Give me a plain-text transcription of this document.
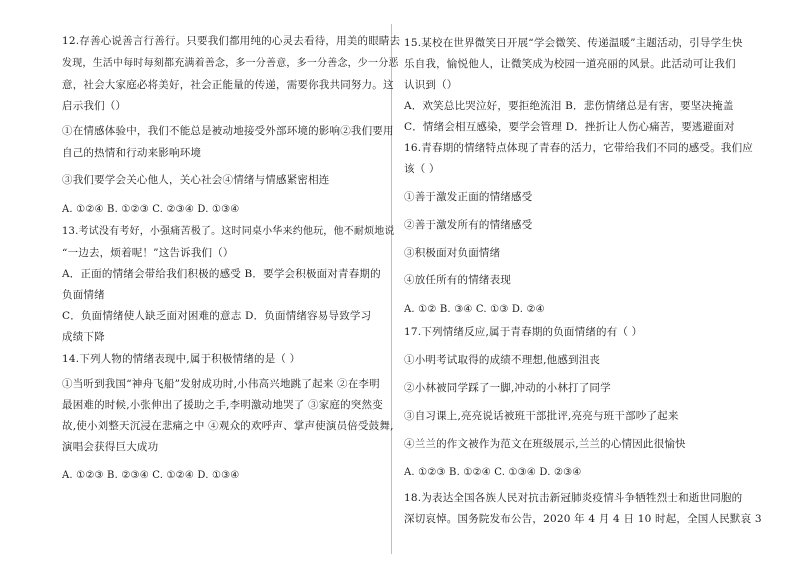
12.存善心说善言行善行。只要我们都用纯的心灵去看待，用美的眼睛去
发现，生活中每时每刻都充满着善念，多一分善意，多一分善念，少一分恶
意，社会大家庭必将美好，社会正能量的传递，需要你我共同努力。这
启示我们（）
①在情感体验中，我们不能总是被动地接受外部环境的影响②我们要用
自己的热情和行动来影响环境
③我们要学会关心他人，关心社会④情绪与情感紧密相连
A. ①②④ B. ①②③ C. ②③④ D. ①③④
13.考试没有考好，小强痛苦极了。这时同桌小华来约他玩，他不耐烦地说
“一边去，烦着呢！”这告诉我们（）
A．正面的情绪会带给我们积极的感受 B．要学会积极面对青春期的
负面情绪
C．负面情绪使人缺乏面对困难的意志 D．负面情绪容易导致学习
成绩下降
14.下列人物的情绪表现中,属于积极情绪的是（ ）
①当听到我国“神舟飞船”发射成功时,小伟高兴地跳了起来 ②在李明
最困难的时候,小张伸出了援助之手,李明激动地哭了 ③家庭的突然变
故,使小刘整天沉浸在悲痛之中 ④观众的欢呼声、掌声使演员倍受鼓舞,
演唱会获得巨大成功
A. ①②③ B. ②③④ C. ①②④ D. ①③④
15.某校在世界微笑日开展“学会微笑、传递温暖”主题活动，引导学生快
乐自我，愉悦他人，让微笑成为校园一道亮丽的风景。此活动可让我们
认识到（）
A．欢笑总比哭泣好，要拒绝流泪 B．悲伤情绪总是有害，要坚决掩盖
C．情绪会相互感染，要学会管理 D．挫折让人伤心痛苦，要逃避面对
16.青春期的情绪特点体现了青春的活力，它带给我们不同的感受。我们应
该（ ）
①善于激发正面的情绪感受
②善于激发所有的情绪感受
③积极面对负面情绪
④放任所有的情绪表现
A. ①② B. ③④ C. ①③ D. ②④
17.下列情绪反应,属于青春期的负面情绪的有（ ）
①小明考试取得的成绩不理想,他感到沮丧
②小林被同学踩了一脚,冲动的小林打了同学
③自习课上,亮亮说话被班干部批评,亮亮与班干部吵了起来
④兰兰的作文被作为范文在班级展示,兰兰的心情因此很愉快
A. ①②③ B. ①②④ C. ①③④ D. ②③④
18.为表达全国各族人民对抗击新冠肺炎疫情斗争牺牲烈士和逝世同胞的
深切哀悼。国务院发布公告，2020 年 4 月 4 日 10 时起，全国人民默哀 3
